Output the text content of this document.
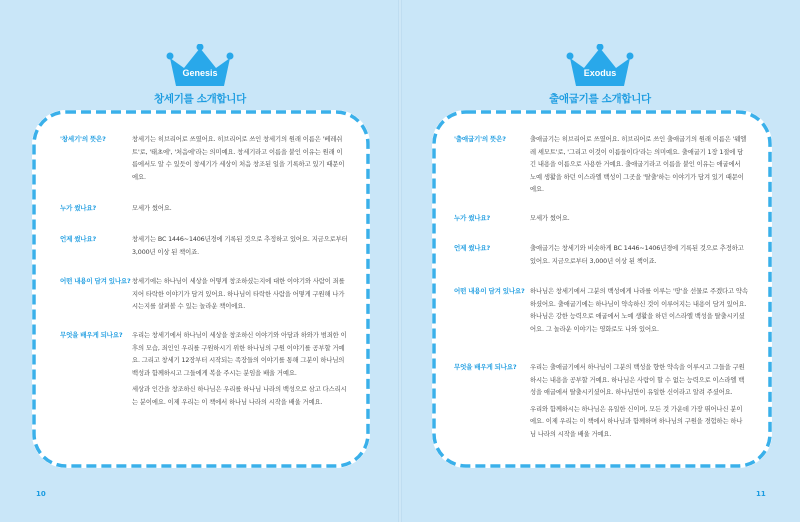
Genesis
창세기를 소개합니다
'창세기'의 뜻은?	창세기는 히브리어로 쓰였어요. 히브리어로 쓰인 창세기의 원래 이름은 '베레쉬트'로, '태초에', '처음에'라는 의미예요. 창세기라고 이름을 붙인 이유는 원래 이름에서도 알 수 있듯이 창세기가 세상이 처음 창조된 일을 기록하고 있기 때문이에요.

누가 썼나요?	모세가 썼어요.

언제 썼나요?	창세기는 BC 1446~1406년경에 기록된 것으로 추정하고 있어요. 지금으로부터 3,000년 이상 된 책이죠.

어떤 내용이 담겨 있나요? 창세기에는 하나님이 세상을 어떻게 창조하셨는지에 대한 이야기와 사람이 죄를 지어 타락한 이야기가 담겨 있어요. 하나님이 타락한 사람을 어떻게 구원해 나가시는지를 살펴볼 수 있는 놀라운 책이에요.

무엇을 배우게 되나요? 우리는 창세기에서 하나님이 세상을 창조하신 이야기와 아담과 하와가 범죄한 이후의 모습, 죄인인 우리를 구원하시기 위한 하나님의 구원 이야기를 공부할 거예요. 그리고 창세기 12장부터 시작되는 족장들의 이야기를 통해 그분이 하나님의 백성과 함께하시고 그들에게 복을 주시는 분임을 배울 거예요.

세상과 인간을 창조하신 하나님은 우리를 하나님 나라의 백성으로 삼고 다스리시는 분이에요. 이제 우리는 이 책에서 하나님 나라의 시작을 배울 거예요.

10
Exodus
출애굽기를 소개합니다
'출애굽기'의 뜻은?	출애굽기는 히브리어로 쓰였어요. 히브리어로 쓰인 출애굽기의 원래 이름은 '웨엘레 셰모트'로, '그리고 이것이 이름들이다'라는 의미예요. 출애굽기 1장 1절에 담긴 내용을 이름으로 사용한 거예요. 출애굽기라고 이름을 붙인 이유는 애굽에서 노예 생활을 하던 이스라엘 백성이 그곳을 '탈출'하는 이야기가 담겨 있기 때문이에요.

누가 썼나요?	모세가 썼어요.

언제 썼나요?	출애굽기는 창세기와 비슷하게 BC 1446~1406년경에 기록된 것으로 추정하고 있어요. 지금으로부터 3,000년 이상 된 책이죠.

어떤 내용이 담겨 있나요? 하나님은 창세기에서 그분의 백성에게 나라를 이루는 '땅'을 선물로 주겠다고 약속하셨어요. 출애굽기에는 하나님이 약속하신 것이 이루어지는 내용이 담겨 있어요. 하나님은 강한 능력으로 애굽에서 노예 생활을 하던 이스라엘 백성을 탈출시키셨어요. 그 놀라운 이야기는 영화로도 나와 있어요.

무엇을 배우게 되나요? 우리는 출애굽기에서 하나님이 그분의 백성을 향한 약속을 이루시고 그들을 구원하시는 내용을 공부할 거예요. 하나님은 사람이 할 수 없는 능력으로 이스라엘 백성을 애굽에서 탈출시키셨어요. 하나님만이 유일한 신이라고 알려 주셨어요.

우리와 함께하시는 하나님은 유일한 신이며, 모든 것 가운데 가장 뛰어나신 분이에요. 이제 우리는 이 책에서 하나님과 함께하며 하나님의 구원을 경험하는 하나님 나라의 시작을 배울 거예요.

11
